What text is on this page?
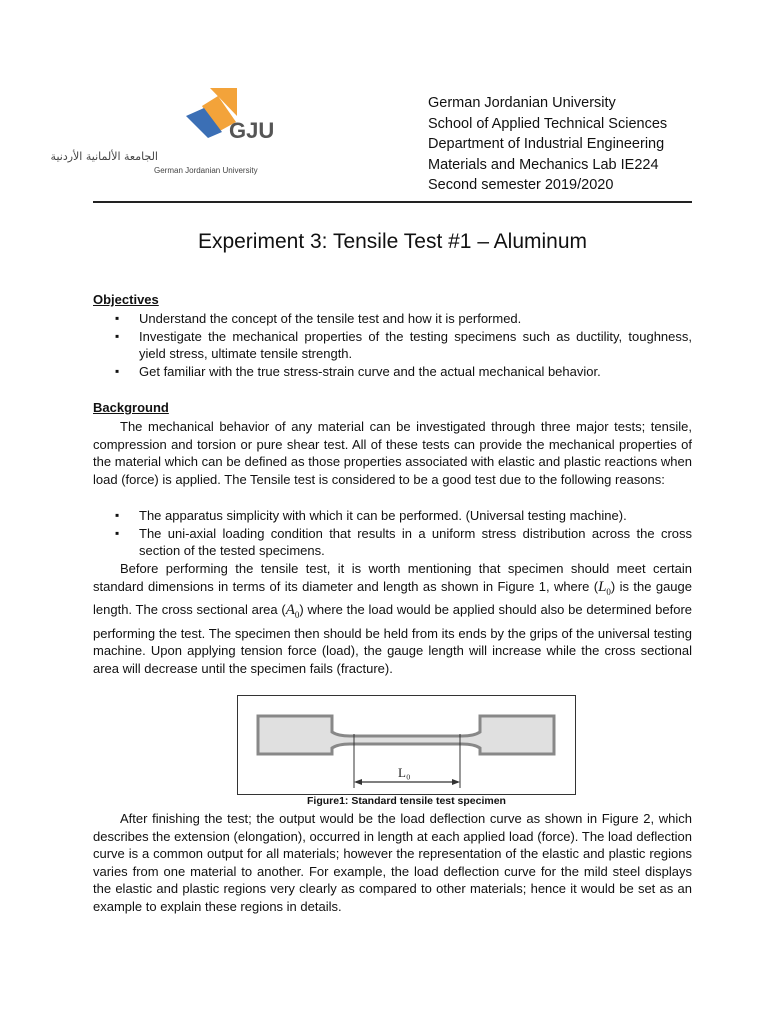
GJU
الجامعة الألمانية الأردنية
German Jordanian University
German Jordanian University
School of Applied Technical Sciences
Department of Industrial Engineering
Materials and Mechanics Lab IE224
Second semester 2019/2020
Experiment 3: Tensile Test #1 – Aluminum
Objectives
▪ Understand the concept of the tensile test and how it is performed.
▪ Investigate the mechanical properties of the testing specimens such as ductility, toughness, yield stress, ultimate tensile strength.
▪ Get familiar with the true stress-strain curve and the actual mechanical behavior.
Background
The mechanical behavior of any material can be investigated through three major tests; tensile, compression and torsion or pure shear test. All of these tests can provide the mechanical properties of the material which can be defined as those properties associated with elastic and plastic reactions when load (force) is applied. The Tensile test is considered to be a good test due to the following reasons:
▪ The apparatus simplicity with which it can be performed. (Universal testing machine).
▪ The uni-axial loading condition that results in a uniform stress distribution across the cross section of the tested specimens.
Before performing the tensile test, it is worth mentioning that specimen should meet certain standard dimensions in terms of its diameter and length as shown in Figure 1, where $(L_0)$ is the gauge length. The cross sectional area $(A_0)$ where the load would be applied should also be determined before performing the test. The specimen then should be held from its ends by the grips of the universal testing machine. Upon applying tension force (load), the gauge length will increase while the cross sectional area will decrease until the specimen fails (fracture).
L₀
Figure1: Standard tensile test specimen
After finishing the test; the output would be the load deflection curve as shown in Figure 2, which describes the extension (elongation), occurred in length at each applied load (force). The load deflection curve is a common output for all materials; however the representation of the elastic and plastic regions varies from one material to another. For example, the load deflection curve for the mild steel displays the elastic and plastic regions very clearly as compared to other materials; hence it would be set as an example to explain these regions in details.
